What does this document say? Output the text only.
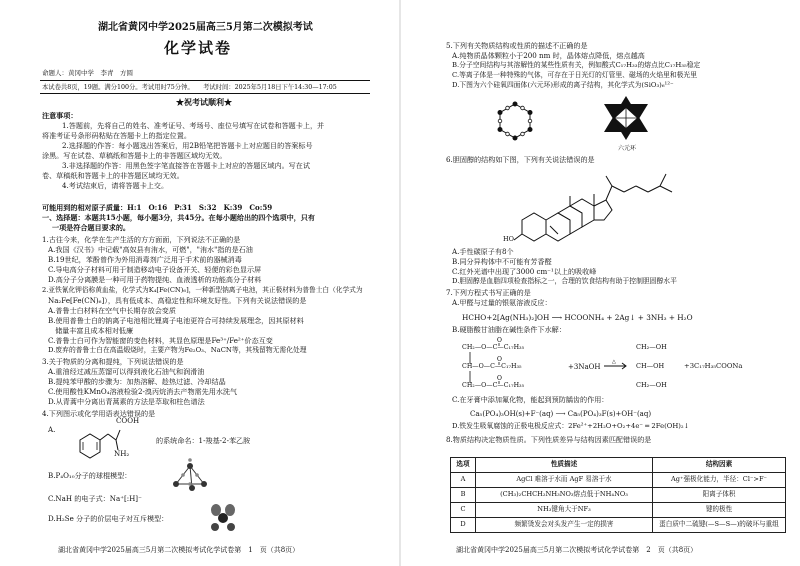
湖北省黄冈中学2025届高三5月第二次模拟考试
化学试卷
命题人：黄冈中学　李青　方圆
本试卷共8页，19题。满分100分。考试用时75分钟。　　考试时间：2025年5月18日下午14:30—17:05
★祝考试顺利★
注意事项：
1.答题前，先将自己的姓名、准考证号、考场号、座位号填写在试卷和答题卡上，并
将准考证号条形码粘贴在答题卡上的指定位置。
2.选择题的作答：每小题选出答案后，用2B铅笔把答题卡上对应题目的答案标号
涂黑。写在试卷、草稿纸和答题卡上的非答题区域均无效。
3.非选择题的作答：用黑色签字笔直接答在答题卡上对应的答题区域内。写在试
卷、草稿纸和答题卡上的非答题区域均无效。
4.考试结束后，请将答题卡上交。
可能用到的相对原子质量：H:1　O:16　P:31　S:32　K:39　Co:59
一、选择题：本题共15小题，每小题3分，共45分。在每小题给出的四个选项中，只有
一项是符合题目要求的。
1.古往今来，化学在生产生活的方方面面，下列说法不正确的是
A.我国《汉书》中记载"高奴县有洧水，可燃"，"洧水"指的是石油
B.19世纪，苯酚曾作为外用消毒剂广泛用于手术前的器械消毒
C.导电高分子材料可用于制造移动电子设备开关、轻便的彩色显示屏
D.高分子分离膜是一种可用于药物提纯、血液透析的功能高分子材料
2.亚铁氰化钾俗称黄血盐，化学式为K₄[Fe(CN)₆]，一种新型钠离子电池，其正极材料为普鲁士白（化学式为
Na₂Fe[Fe(CN)₆]），具有低成本、高稳定性和环境友好性。下列有关说法错误的是
A.普鲁士白材料在空气中长期存放会变质
B.使用普鲁士白的钠离子电池相比锂离子电池更符合可持续发展理念，因其原材料
　储量丰富且成本相对低廉
C.普鲁士白可作为智能窗的变色材料，其显色原理是Fe³⁺/Fe²⁺价态互变
D.废弃的普鲁士白在高温煅烧时，主要产物为Fe₂O₃、NaCN等，其残留物无需化处理
3.关于物质的分离和提纯，下列说法错误的是
A.重油经过减压蒸馏可以得到液化石油气和润滑油
B.提纯苯甲酸的步骤为：加热溶解、趁热过滤、冷却结晶
C.使用酸性KMnO₄溶液检验2-溴丙烷消去产物需先用水洗气
D.从青蒿中分离出青蒿素的方法是萃取和柱色谱法
4.下列图示或化学用语表达错误的是
A.
COOH
NH₂
的系统命名：1-羧基-2-苯乙胺
B.P₄O₁₀分子的球棍模型：
C.NaH 的电子式：Na⁺[:H]⁻
D.H₂Se 分子的价层电子对互斥模型：
湖北省黄冈中学2025届高三5月第二次模拟考试化学试卷第　1　页（共8页）
5.下列有关物质结构或性质的描述不正确的是
A.纯物质晶体颗粒小于200 nm 时，晶体熔点降低，熔点越高
B.分子空间结构与其溶解性的某些性质有关，例如酸式C₁₇H₃₃的熔点比C₁₇H₃₅稳定
C.等离子体是一种特殊的气体，可存在于日光灯的灯管里、磁场的火焰里和极光里
D.下图为六个硅氧四面体(六元环)形成的离子结构，其化学式为(SiO₃)₆¹²⁻
六元环
6.胆固醇的结构如下图，下列有关说法错误的是
HO
A.手性碳原子有8个
B.同分异构体中不可能有芳香醛
C.红外光谱中出现了3000 cm⁻¹以上的吸收峰
D.胆固醇是血脂四项检查指标之一，合理的饮食结构有助于控制胆固醇水平
7.下列方程式书写正确的是
A.甲醛与过量的银氨溶液反应：
HCHO+2[Ag(NH₃)₂]OH ⟶ HCOONH₄ + 2Ag↓ + 3NH₃ + H₂O
B.硬脂酸甘油脂在碱性条件下水解：
CH₂—O—C—C₁₇H₃₅
CH—O—C—C₁₇H₃₅
CH₂—O—C—C₁₇H₃₅
O
O
O
+3NaOH
△
CH₂—OH
CH—OH
CH₂—OH
+3C₁₇H₃₅COONa
C.在牙膏中添加氟化物，能起到预防龋齿的作用：
Ca₅(PO₄)₃OH(s)+F⁻(aq) ⟶ Ca₅(PO₄)₃F(s)+OH⁻(aq)
D.铁发生吸氧腐蚀的正极电极反应式：2Fe²⁺+2H₂O+O₂+4e⁻ ═ 2Fe(OH)₂↓
8.物质结构决定物质性质。下列性质差异与结构因素匹配错误的是
选项	性质描述	结构因素
A	AgCl 难溶于水而 AgF 易溶于水	Ag⁺强极化能力，半径：Cl⁻>F⁻
B	(CH₃)₂CHCH₂NH₃NO₃熔点低于NH₄NO₃	阳离子体积
C	NH₃键角大于NF₃	键的极性
D	频繁烫发会对头发产生一定的损害	蛋白质中二硫键(—S—S—)的破坏与重组
湖北省黄冈中学2025届高三5月第二次模拟考试化学试卷第　2　页（共8页）
